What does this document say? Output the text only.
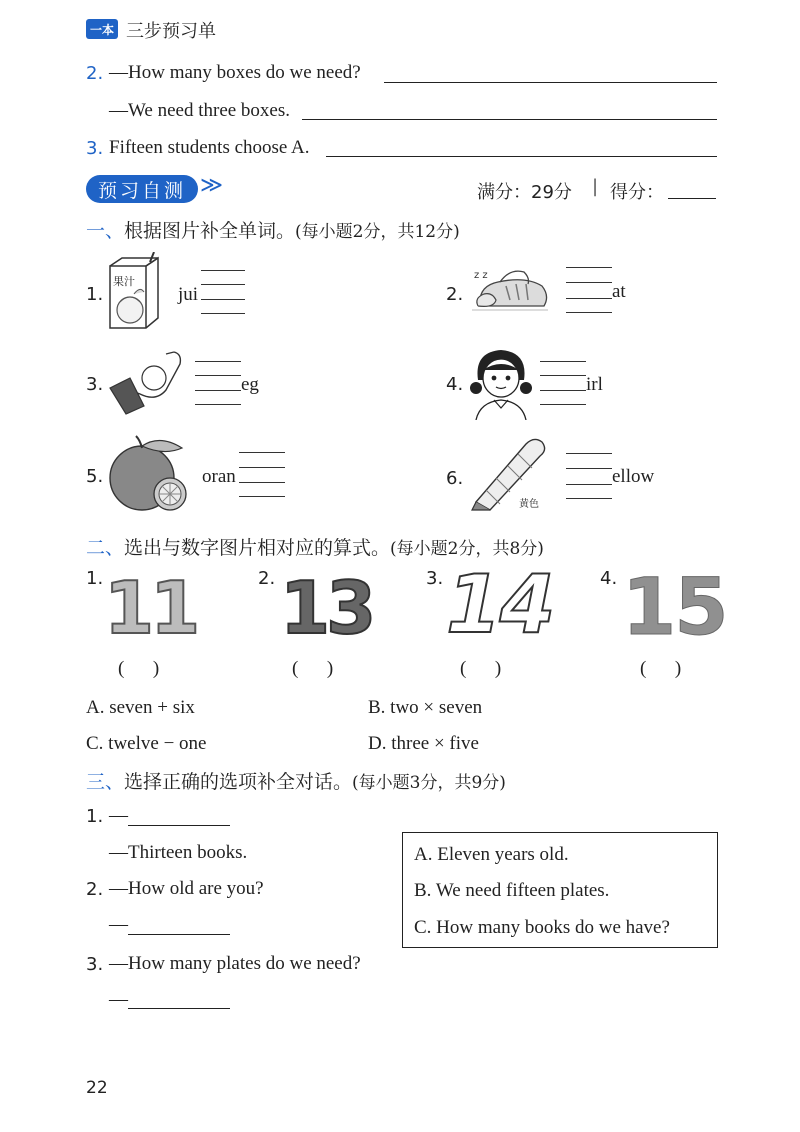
一本 三步预习单
2. —How many boxes do we need?
—We need three boxes.
3. Fifteen students choose A.
预习自测 ≫	满分：29分 | 得分：
一、根据图片补全单词。(每小题2分，共12分)
1.
果汁
jui	2.
z z
at
3.	eg	4.	irl
5.	oran	6.
黄色
ellow
二、选出与数字图片相对应的算式。(每小题2分，共8分)
1. 11
(      )
2. 13
(      )
3. 14
(      )
4. 15
(      )
A. seven + six	B. two × seven
C. twelve − one	D. three × five
三、选择正确的选项补全对话。(每小题3分，共9分)
1. —
—Thirteen books.
2. —How old are you?
—
3. —How many plates do we need?
—
A. Eleven years old.
B. We need fifteen plates.
C. How many books do we have?
22
